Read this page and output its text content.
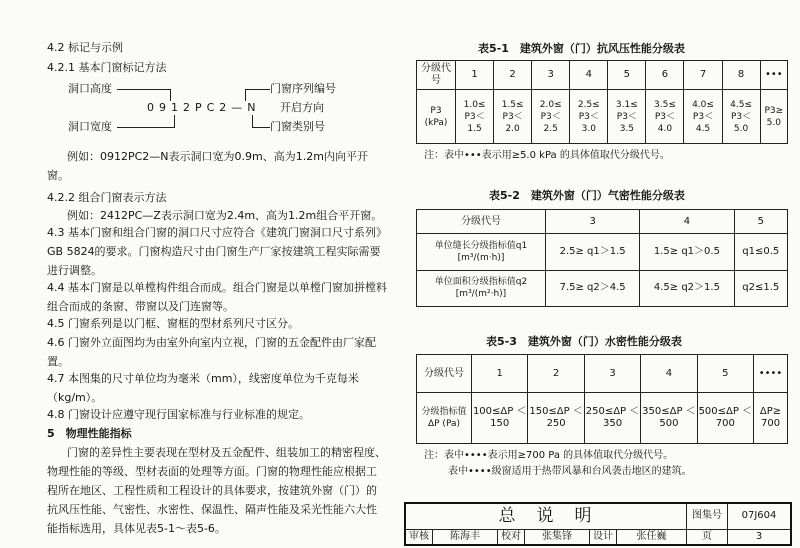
4.2 标记与示例
4.2.1 基本门窗标记方法
洞口高度
洞口宽度
0912PC2—N
门窗序列编号
开启方向
门窗类别号
例如：0912PC2—N表示洞口宽为0.9m、高为1.2m内向平开窗。
4.2.2 组合门窗表示方法
例如：2412PC—Z表示洞口宽为2.4m、高为1.2m组合平开窗。
4.3 基本门窗和组合门窗的洞口尺寸应符合《建筑门窗洞口尺寸系列》GB 5824的要求。门窗构造尺寸由门窗生产厂家按建筑工程实际需要进行调整。
4.4 基本门窗是以单樘构件组合而成。组合门窗是以单樘门窗加拼樘料组合而成的条窗、带窗以及门连窗等。
4.5 门窗系列是以门框、窗框的型材系列尺寸区分。
4.6 门窗外立面图均为由室外向室内立视，门窗的五金配件由厂家配置。
4.7 本图集的尺寸单位均为毫米（mm），线密度单位为千克每米（kg/m）。
4.8 门窗设计应遵守现行国家标准与行业标准的规定。
5　物理性能指标
门窗的差异性主要表现在型材及五金配件、组装加工的精密程度、物理性能的等级、型材表面的处理等方面。门窗的物理性能应根据工程所在地区、工程性质和工程设计的具体要求，按建筑外窗（门）的抗风压性能、气密性、水密性、保温性、隔声性能及采光性能六大性能指标选用，具体见表5-1～表5-6。
表5-1　建筑外窗（门）抗风压性能分级表
分级代号	1	2	3	4	5	6	7	8	•••
P3 (kPa)	1.0≤ P3＜ 1.5	1.5≤ P3＜ 2.0	2.0≤ P3＜ 2.5	2.5≤ P3＜ 3.0	3.1≤ P3＜ 3.5	3.5≤ P3＜ 4.0	4.0≤ P3＜ 4.5	4.5≤ P3＜ 5.0	P3≥ 5.0
注：表中•••表示用≥5.0 kPa 的具体值取代分级代号。
表5-2　建筑外窗（门）气密性能分级表
分级代号	3	4	5
单位缝长分级指标值q1 [m³/(m·h)]	2.5≥ q1＞1.5	1.5≥ q1＞0.5	q1≤0.5
单位面积分级指标值q2 [m³/(m²·h)]	7.5≥ q2＞4.5	4.5≥ q2＞1.5	q2≤1.5
表5-3　建筑外窗（门）水密性能分级表
分级代号	1	2	3	4	5	••••
分级指标值ΔP (Pa)	100≤ΔP ＜150	150≤ΔP ＜250	250≤ΔP ＜350	350≤ΔP ＜500	500≤ΔP ＜700	ΔP≥ 700
注：表中••••表示用≥700 Pa 的具体值取代分级代号。
表中••••级窗适用于热带风暴和台风袭击地区的建筑。
总　说　明						图集号	07J604
审核	陈海丰	校对	张集锋	设计	张任巍	页	3
